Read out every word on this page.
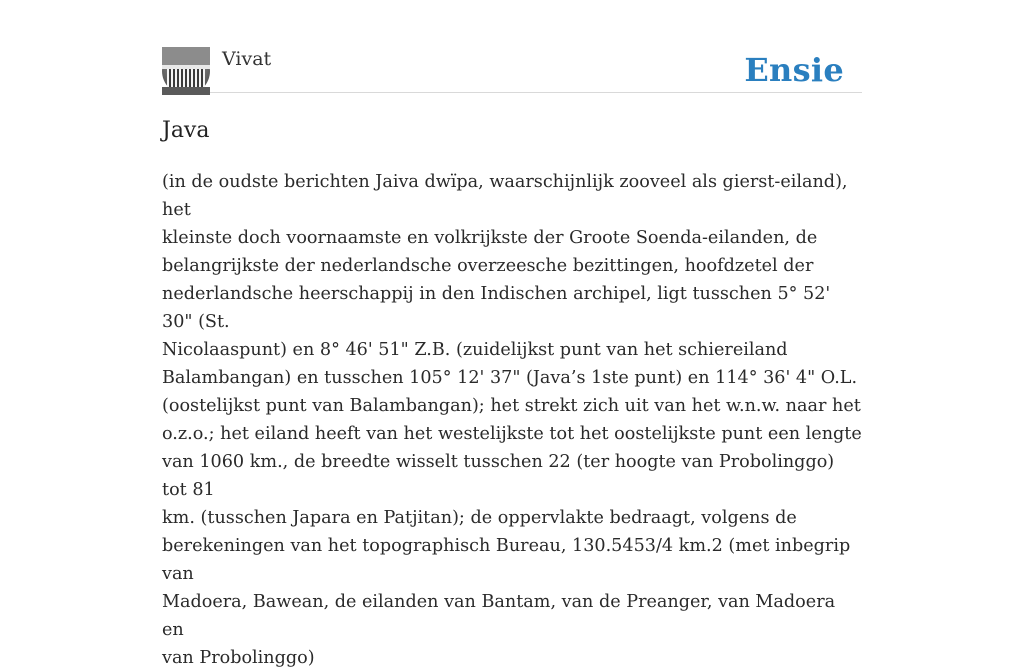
Vivat	Ensie
Java

(in de oudste berichten Jaiva dwïpa, waarschijnlijk zooveel als gierst-eiland), het
kleinste doch voornaamste en volkrijkste der Groote Soenda-eilanden, de
belangrijkste der nederlandsche overzeesche bezittingen, hoofdzetel der
nederlandsche heerschappij in den Indischen archipel, ligt tusschen 5° 52' 30" (St.
Nicolaaspunt) en 8° 46' 51" Z.B. (zuidelijkst punt van het schiereiland
Balambangan) en tusschen 105° 12' 37" (Java’s 1ste punt) en 114° 36' 4" O.L.
(oostelijkst punt van Balambangan); het strekt zich uit van het w.n.w. naar het
o.z.o.; het eiland heeft van het westelijkste tot het oostelijkste punt een lengte
van 1060 km., de breedte wisselt tusschen 22 (ter hoogte van Probolinggo) tot 81
km. (tusschen Japara en Patjitan); de oppervlakte bedraagt, volgens de
berekeningen van het topographisch Bureau, 130.5453/4 km.2 (met inbegrip van
Madoera, Bawean, de eilanden van Bantam, van de Preanger, van Madoera en
van Probolinggo)
